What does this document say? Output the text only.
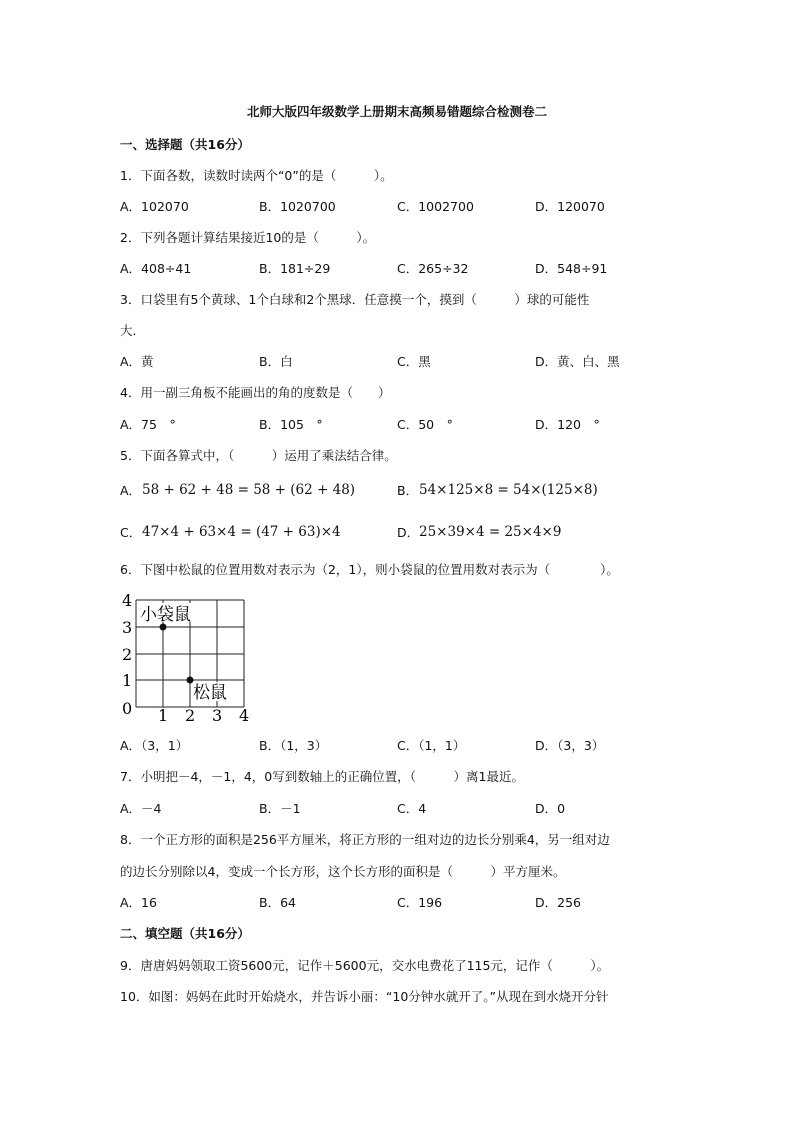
北师大版四年级数学上册期末高频易错题综合检测卷二
一、选择题（共16分）
1．下面各数，读数时读两个“0”的是（　　　）。
A．102070	B．1020700	C．1002700	D．120070
2．下列各题计算结果接近10的是（　　　）。
A．408÷41	B．181÷29	C．265÷32	D．548÷91
3．口袋里有5个黄球、1个白球和2个黑球．任意摸一个，摸到（　　　）球的可能性
大．
A．黄	B．白	C．黑	D．黄、白、黑
4．用一副三角板不能画出的角的度数是（　　）
A．75　°	B．105　°	C．50　°	D．120　°
5．下面各算式中，（　　　）运用了乘法结合律。
A． 58 + 62 + 48 = 58 + (62 + 48)	B． 54×125×8 = 54×(125×8)
C． 47×4 + 63×4 = (47 + 63)×4	D． 25×39×4 = 25×4×9
6．下图中松鼠的位置用数对表示为（2，1），则小袋鼠的位置用数对表示为（　　　　）。
4
3
2
1
0 1 2 3 4
小袋鼠
松鼠
A．（3，1）	B．（1，3）	C．（1，1）	D．（3，3）
7．小明把－4，－1，4，0写到数轴上的正确位置，（　　　）离1最近。
A．－4	B．－1	C．4	D．0
8．一个正方形的面积是256平方厘米，将正方形的一组对边的边长分别乘4，另一组对边
的边长分别除以4，变成一个长方形，这个长方形的面积是（　　　）平方厘米。
A．16	B．64	C．196	D．256
二、填空题（共16分）
9．唐唐妈妈领取工资5600元，记作＋5600元，交水电费花了115元，记作（　　　）。
10．如图：妈妈在此时开始烧水，并告诉小丽：“10分钟水就开了。”从现在到水烧开分针
